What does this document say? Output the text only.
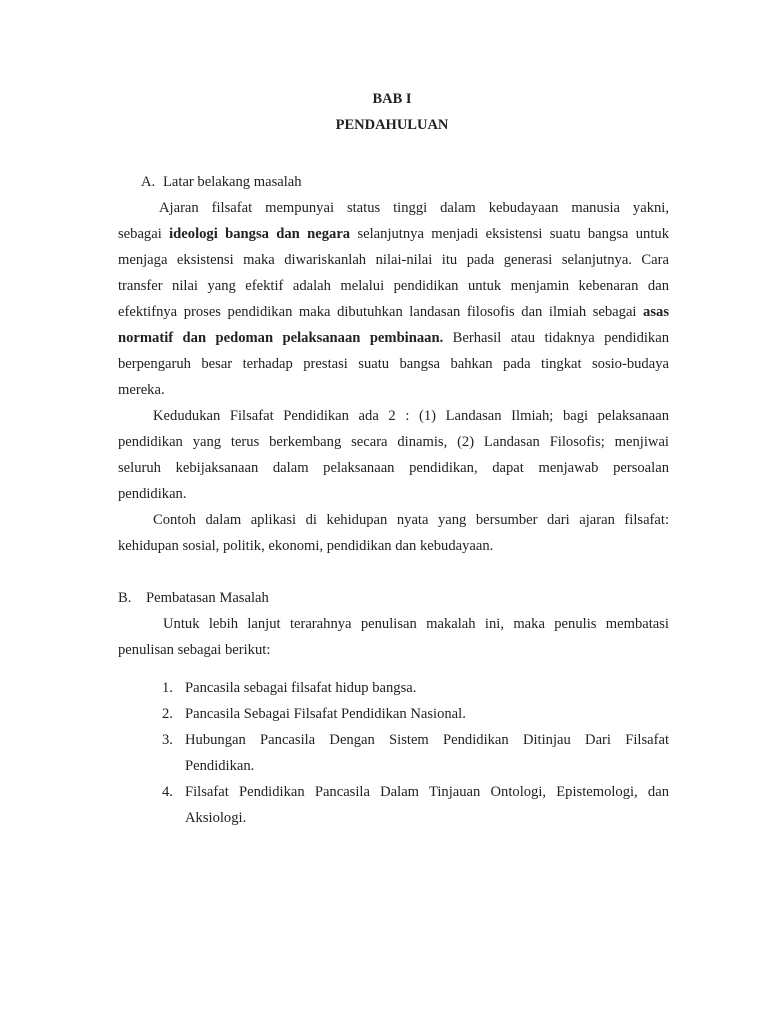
BAB I
PENDAHULUAN
A. Latar belakang masalah
Ajaran filsafat mempunyai status tinggi dalam kebudayaan manusia yakni,
sebagai ideologi bangsa dan negara selanjutnya menjadi eksistensi suatu bangsa untuk
menjaga eksistensi maka diwariskanlah nilai-nilai itu pada generasi selanjutnya. Cara
transfer nilai yang efektif adalah melalui pendidikan untuk menjamin kebenaran dan
efektifnya proses pendidikan maka dibutuhkan landasan filosofis dan ilmiah sebagai asas
normatif dan pedoman pelaksanaan pembinaan. Berhasil atau tidaknya pendidikan
berpengaruh besar terhadap prestasi suatu bangsa bahkan pada tingkat sosio-budaya
mereka.
Kedudukan Filsafat Pendidikan ada 2 : (1) Landasan Ilmiah; bagi pelaksanaan
pendidikan yang terus berkembang secara dinamis, (2) Landasan Filosofis; menjiwai
seluruh kebijaksanaan dalam pelaksanaan pendidikan, dapat menjawab persoalan
pendidikan.
Contoh dalam aplikasi di kehidupan nyata yang bersumber dari ajaran filsafat:
kehidupan sosial, politik, ekonomi, pendidikan dan kebudayaan.
B. Pembatasan Masalah
Untuk lebih lanjut terarahnya penulisan makalah ini, maka penulis membatasi
penulisan sebagai berikut:
1. Pancasila sebagai filsafat hidup bangsa.
2. Pancasila Sebagai Filsafat Pendidikan Nasional.
3. Hubungan Pancasila Dengan Sistem Pendidikan Ditinjau Dari Filsafat
Pendidikan.
4. Filsafat Pendidikan Pancasila Dalam Tinjauan Ontologi, Epistemologi, dan
Aksiologi.
